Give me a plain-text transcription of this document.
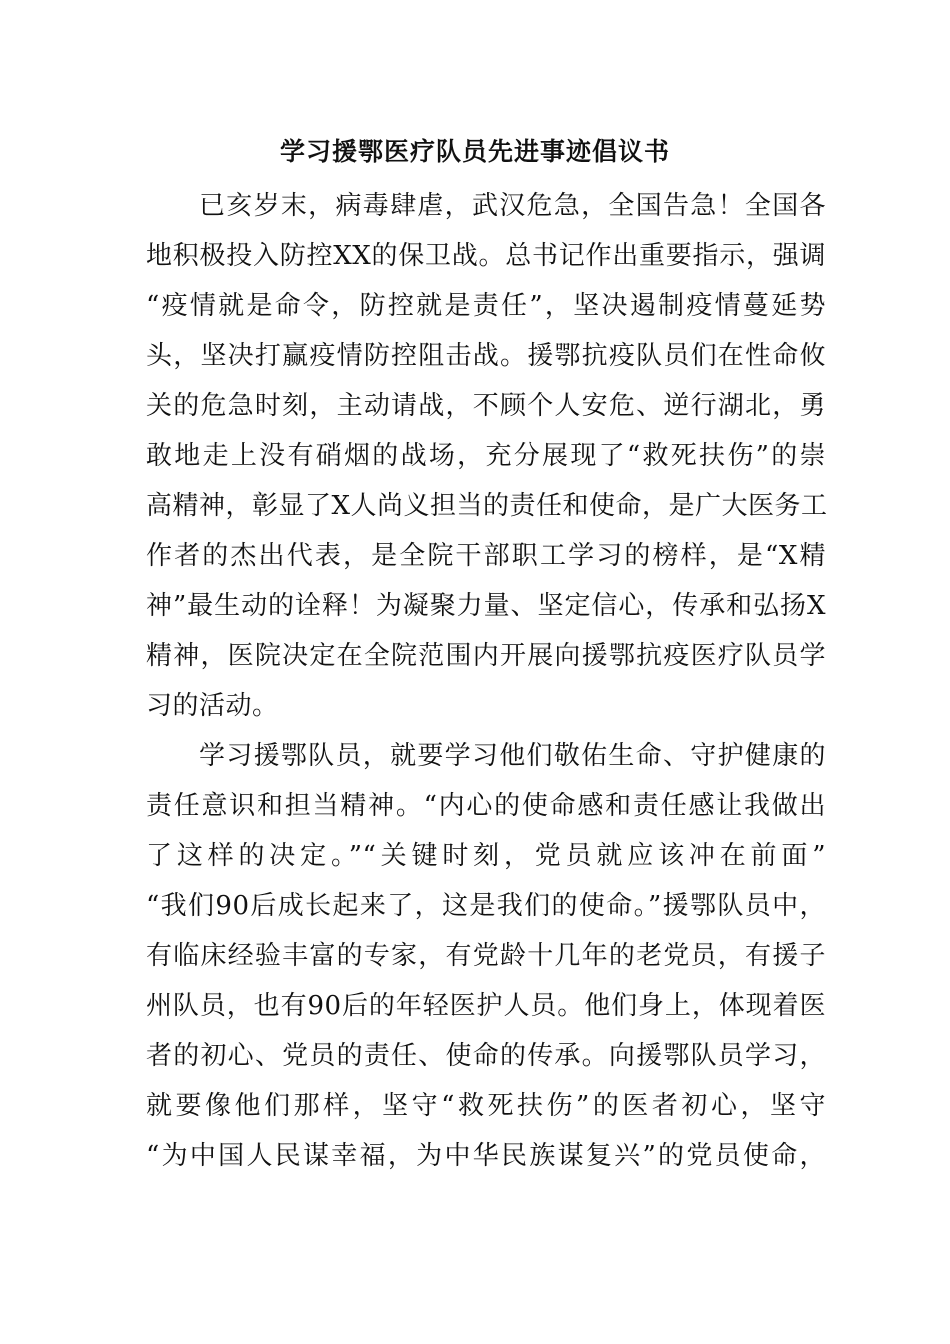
学习援鄂医疗队员先进事迹倡议书
已亥岁末，病毒肆虐，武汉危急，全国告急！全国各
地积极投入防控XX的保卫战。总书记作出重要指示，强调
“疫情就是命令，防控就是责任”，坚决遏制疫情蔓延势
头，坚决打赢疫情防控阻击战。援鄂抗疫队员们在性命攸
关的危急时刻，主动请战，不顾个人安危、逆行湖北，勇
敢地走上没有硝烟的战场，充分展现了“救死扶伤”的崇
高精神，彰显了X人尚义担当的责任和使命，是广大医务工
作者的杰出代表，是全院干部职工学习的榜样，是“X精
神”最生动的诠释！为凝聚力量、坚定信心，传承和弘扬X
精神，医院决定在全院范围内开展向援鄂抗疫医疗队员学
习的活动。
学习援鄂队员，就要学习他们敬佑生命、守护健康的
责任意识和担当精神。“内心的使命感和责任感让我做出
了这样的决定。”“关键时刻，党员就应该冲在前面”
“我们90后成长起来了，这是我们的使命。”援鄂队员中，
有临床经验丰富的专家，有党龄十几年的老党员，有援子
州队员，也有90后的年轻医护人员。他们身上，体现着医
者的初心、党员的责任、使命的传承。向援鄂队员学习，
就要像他们那样，坚守“救死扶伤”的医者初心，坚守
“为中国人民谋幸福，为中华民族谋复兴”的党员使命，
